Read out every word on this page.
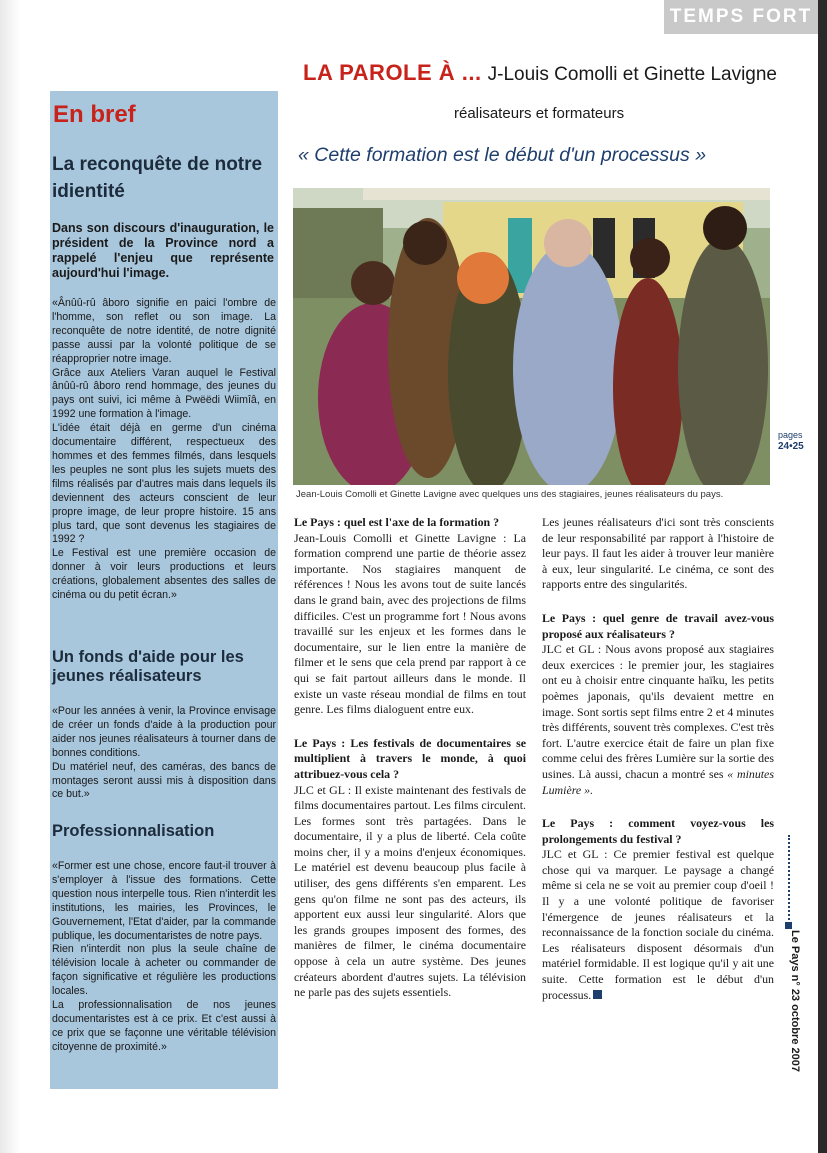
TEMPS FORT
En bref
La reconquête de notre idientité
Dans son discours d'inauguration, le président de la Province nord a rappelé l'enjeu que représente aujourd'hui l'image.
«Ânûû-rû âboro signifie en paici l'ombre de l'homme, son reflet ou son image. La reconquête de notre identité, de notre dignité passe aussi par la volonté politique de se réapproprier notre image.
Grâce aux Ateliers Varan auquel le Festival ânûû-rû âboro rend hommage, des jeunes du pays ont suivi, ici même à Pwëëdi Wiimîâ, en 1992 une formation à l'image.
L'idée était déjà en germe d'un cinéma documentaire différent, respectueux des hommes et des femmes filmés, dans lesquels les peuples ne sont plus les sujets muets des films réalisés par d'autres mais dans lequels ils deviennent des acteurs conscient de leur propre image, de leur propre histoire. 15 ans plus tard, que sont devenus les stagiaires de 1992 ?
Le Festival est une première occasion de donner à voir leurs productions et leurs créations, globalement absentes des salles de cinéma ou du petit écran.»
Un fonds d'aide pour les jeunes réalisateurs
«Pour les années à venir, la Province envisage de créer un fonds d'aide à la production pour aider nos jeunes réalisateurs à tourner dans de bonnes conditions.
Du matériel neuf, des caméras, des bancs de montages seront aussi mis à disposition dans ce but.»
Professionnalisation
«Former est une chose, encore faut-il trouver à s'employer à l'issue des formations. Cette question nous interpelle tous. Rien n'interdit les institutions, les mairies, les Provinces, le Gouvernement, l'Etat d'aider, par la commande publique, les documentaristes de notre pays.
Rien n'interdit non plus la seule chaîne de télévision locale à acheter ou commander de façon significative et régulière les productions locales.
La professionnalisation de nos jeunes documentaristes est à ce prix. Et c'est aussi à ce prix que se façonne une véritable télévision citoyenne de proximité.»
LA PAROLE À ... J-Louis Comolli et Ginette Lavigne
réalisateurs et formateurs
« Cette formation est le début d'un processus »
Jean-Louis Comolli et Ginette Lavigne avec quelques uns des stagiaires, jeunes réalisateurs du pays.
pages
24•25

Le Pays : quel est l'axe de la formation ?

Jean-Louis Comolli et Ginette Lavigne : La formation comprend une partie de théorie assez importante. Nos stagiaires manquent de références ! Nous les avons tout de suite lancés dans le grand bain, avec des projections de films difficiles. C'est un programme fort ! Nous avons travaillé sur les enjeux et les formes dans le documentaire, sur le lien entre la manière de filmer et le sens que cela prend par rapport à ce qui se fait partout ailleurs dans le monde. Il existe un vaste réseau mondial de films en tout genre. Les films dialoguent entre eux.

Le Pays : Les festivals de documentaires se multiplient à travers le monde, à quoi attribuez-vous cela ?

JLC et GL : Il existe maintenant des festivals de films documentaires partout. Les films circulent. Les formes sont très partagées. Dans le documentaire, il y a plus de liberté. Cela coûte moins cher, il y a moins d'enjeux économiques. Le matériel est devenu beaucoup plus facile à utiliser, des gens différents s'en emparent. Les gens qu'on filme ne sont pas des acteurs, ils apportent eux aussi leur singularité. Alors que les grands groupes imposent des formes, des manières de filmer, le cinéma documentaire oppose à cela un autre système. Des jeunes créateurs abordent d'autres sujets. La télévision ne parle pas des sujets essentiels.

Les jeunes réalisateurs d'ici sont très conscients de leur responsabilité par rapport à l'histoire de leur pays. Il faut les aider à trouver leur manière à eux, leur singularité. Le cinéma, ce sont des rapports entre des singularités.

Le Pays : quel genre de travail avez-vous proposé aux réalisateurs ?

JLC et GL : Nous avons proposé aux stagiaires deux exercices : le premier jour, les stagiaires ont eu à choisir entre cinquante haïku, les petits poèmes japonais, qu'ils devaient mettre en image. Sont sortis sept films entre 2 et 4 minutes très différents, souvent très complexes. C'est très fort. L'autre exercice était de faire un plan fixe comme celui des frères Lumière sur la sortie des usines. Là aussi, chacun a montré ses « minutes Lumière ».

Le Pays : comment voyez-vous les prolongements du festival ?

JLC et GL : Ce premier festival est quelque chose qui va marquer. Le paysage a changé même si cela ne se voit au premier coup d'oeil ! Il y a une volonté politique de favoriser l'émergence de jeunes réalisateurs et la reconnaissance de la fonction sociale du cinéma. Les réalisateurs disposent désormais d'un matériel formidable. Il est logique qu'il y ait une suite. Cette formation est le début d'un processus.	Le Pays n° 23 octobre 2007
